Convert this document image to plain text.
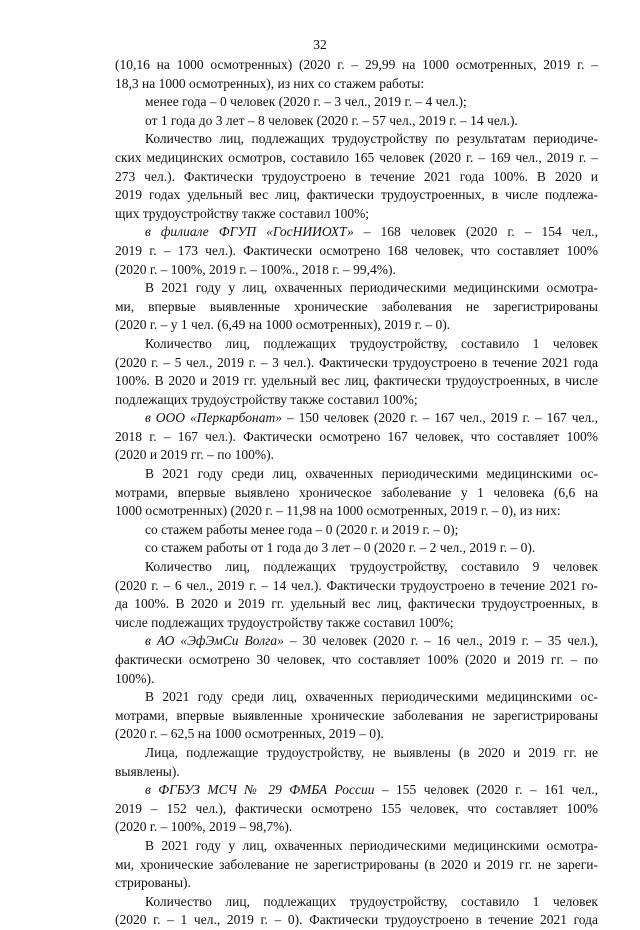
32

(10,16 на 1000 осмотренных) (2020 г. – 29,99 на 1000 осмотренных, 2019 г. –

18,3 на 1000 осмотренных), из них со стажем работы:

менее года – 0 человек (2020 г. – 3 чел., 2019 г. – 4 чел.);

от 1 года до 3 лет – 8 человек (2020 г. – 57 чел., 2019 г. – 14 чел.).

Количество лиц, подлежащих трудоустройству по результатам периодиче-

ских медицинских осмотров, составило 165 человек (2020 г. – 169 чел., 2019 г. –

273 чел.). Фактически трудоустроено в течение 2021 года 100%. В 2020 и

2019 годах удельный вес лиц, фактически трудоустроенных, в числе подлежа-

щих трудоустройству также составил 100%;

в филиале ФГУП «ГосНИИОХТ» – 168 человек (2020 г. – 154 чел.,

2019 г. – 173 чел.). Фактически осмотрено 168 человек, что составляет 100%

(2020 г. – 100%, 2019 г. – 100%., 2018 г. – 99,4%).

В 2021 году у лиц, охваченных периодическими медицинскими осмотра-

ми, впервые выявленные хронические заболевания не зарегистрированы

(2020 г. – у 1 чел. (6,49 на 1000 осмотренных), 2019 г. – 0).

Количество лиц, подлежащих трудоустройству, составило 1 человек

(2020 г. – 5 чел., 2019 г. – 3 чел.). Фактически трудоустроено в течение 2021 года

100%. В 2020 и 2019 гг. удельный вес лиц, фактически трудоустроенных, в числе

подлежащих трудоустройству также составил 100%;

в ООО «Перкарбонат» – 150 человек (2020 г. – 167 чел., 2019 г. – 167 чел.,

2018 г. – 167 чел.). Фактически осмотрено 167 человек, что составляет 100%

(2020 и 2019 гг. – по 100%).

В 2021 году среди лиц, охваченных периодическими медицинскими ос-

мотрами, впервые выявлено хроническое заболевание у 1 человека (6,6 на

1000 осмотренных) (2020 г. – 11,98 на 1000 осмотренных, 2019 г. – 0), из них:

со стажем работы менее года – 0 (2020 г. и 2019 г. – 0);

со стажем работы от 1 года до 3 лет – 0 (2020 г. – 2 чел., 2019 г. – 0).

Количество лиц, подлежащих трудоустройству, составило 9 человек

(2020 г. – 6 чел., 2019 г. – 14 чел.). Фактически трудоустроено в течение 2021 го-

да 100%. В 2020 и 2019 гг. удельный вес лиц, фактически трудоустроенных, в

числе подлежащих трудоустройству также составил 100%;

в АО «ЭфЭмСи Волга» – 30 человек (2020 г. – 16 чел., 2019 г. – 35 чел.),

фактически осмотрено 30 человек, что составляет 100% (2020 и 2019 гг. – по

100%).

В 2021 году среди лиц, охваченных периодическими медицинскими ос-

мотрами, впервые выявленные хронические заболевания не зарегистрированы

(2020 г. – 62,5 на 1000 осмотренных, 2019 – 0).

Лица, подлежащие трудоустройству, не выявлены (в 2020 и 2019 гг. не

выявлены).

в ФГБУЗ МСЧ № 29 ФМБА России – 155 человек (2020 г. – 161 чел.,

2019 – 152 чел.), фактически осмотрено 155 человек, что составляет 100%

(2020 г. – 100%, 2019 – 98,7%).

В 2021 году у лиц, охваченных периодическими медицинскими осмотра-

ми, хронические заболевание не зарегистрированы (в 2020 и 2019 гг. не зареги-

стрированы).

Количество лиц, подлежащих трудоустройству, составило 1 человек

(2020 г. – 1 чел., 2019 г. – 0). Фактически трудоустроено в течение 2021 года
